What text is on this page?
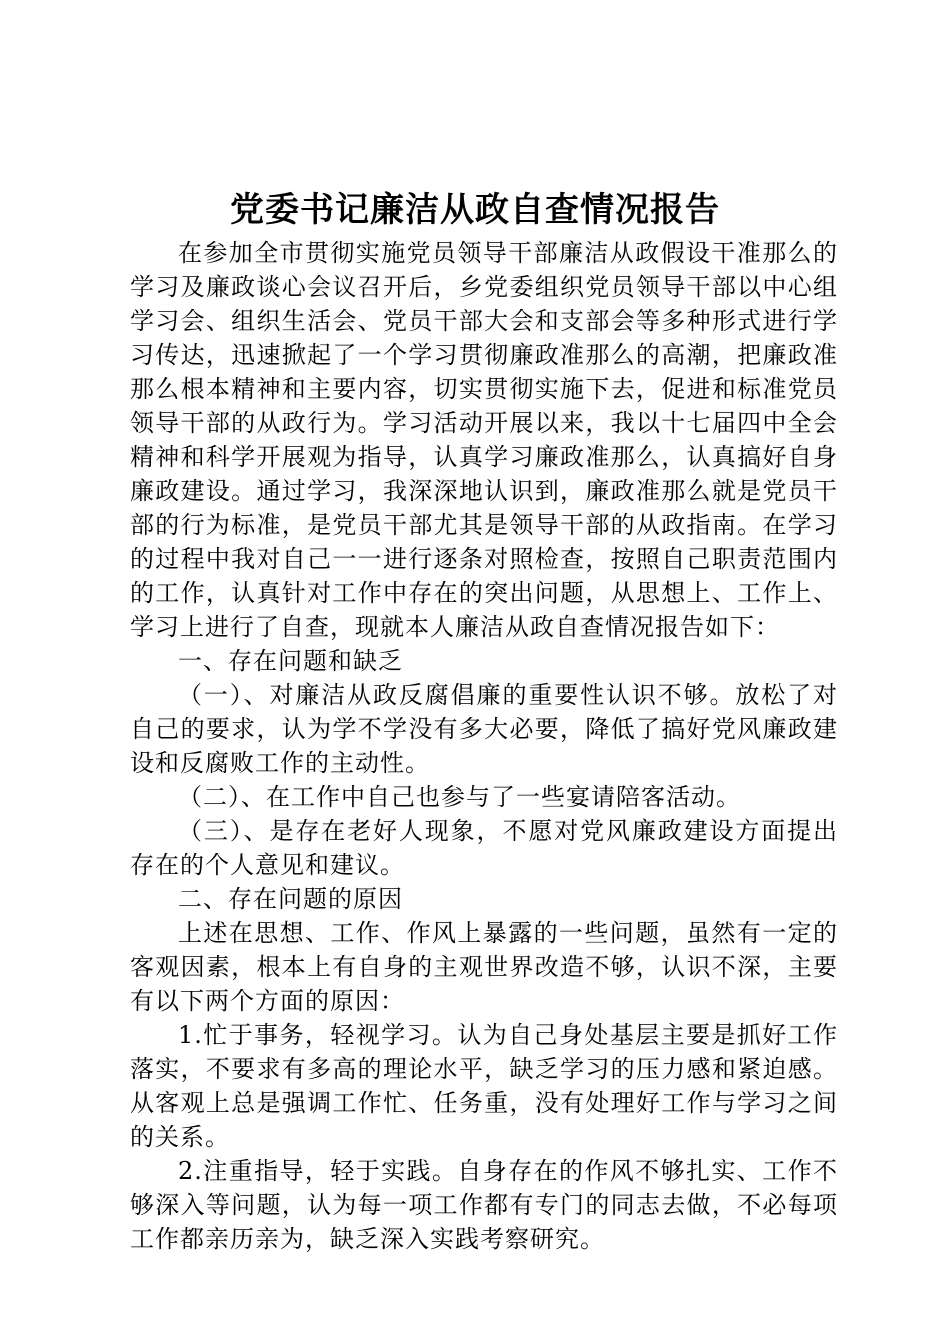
党委书记廉洁从政自查情况报告

在参加全市贯彻实施党员领导干部廉洁从政假设干准那么的学习及廉政谈心会议召开后，乡党委组织党员领导干部以中心组学习会、组织生活会、党员干部大会和支部会等多种形式进行学习传达，迅速掀起了一个学习贯彻廉政准那么的高潮，把廉政准那么根本精神和主要内容，切实贯彻实施下去，促进和标准党员领导干部的从政行为。学习活动开展以来，我以十七届四中全会精神和科学开展观为指导，认真学习廉政准那么，认真搞好自身廉政建设。通过学习，我深深地认识到，廉政准那么就是党员干部的行为标准，是党员干部尤其是领导干部的从政指南。在学习的过程中我对自己一一进行逐条对照检查，按照自己职责范围内的工作，认真针对工作中存在的突出问题，从思想上、工作上、学习上进行了自查，现就本人廉洁从政自查情况报告如下：

一、存在问题和缺乏

（一）、对廉洁从政反腐倡廉的重要性认识不够。放松了对自己的要求，认为学不学没有多大必要，降低了搞好党风廉政建设和反腐败工作的主动性。

（二）、在工作中自己也参与了一些宴请陪客活动。

（三）、是存在老好人现象，不愿对党风廉政建设方面提出存在的个人意见和建议。

二、存在问题的原因

上述在思想、工作、作风上暴露的一些问题，虽然有一定的客观因素，根本上有自身的主观世界改造不够，认识不深，主要有以下两个方面的原因：

1.忙于事务，轻视学习。认为自己身处基层主要是抓好工作落实，不要求有多高的理论水平，缺乏学习的压力感和紧迫感。从客观上总是强调工作忙、任务重，没有处理好工作与学习之间的关系。

2.注重指导，轻于实践。自身存在的作风不够扎实、工作不够深入等问题，认为每一项工作都有专门的同志去做，不必每项工作都亲历亲为，缺乏深入实践考察研究。
